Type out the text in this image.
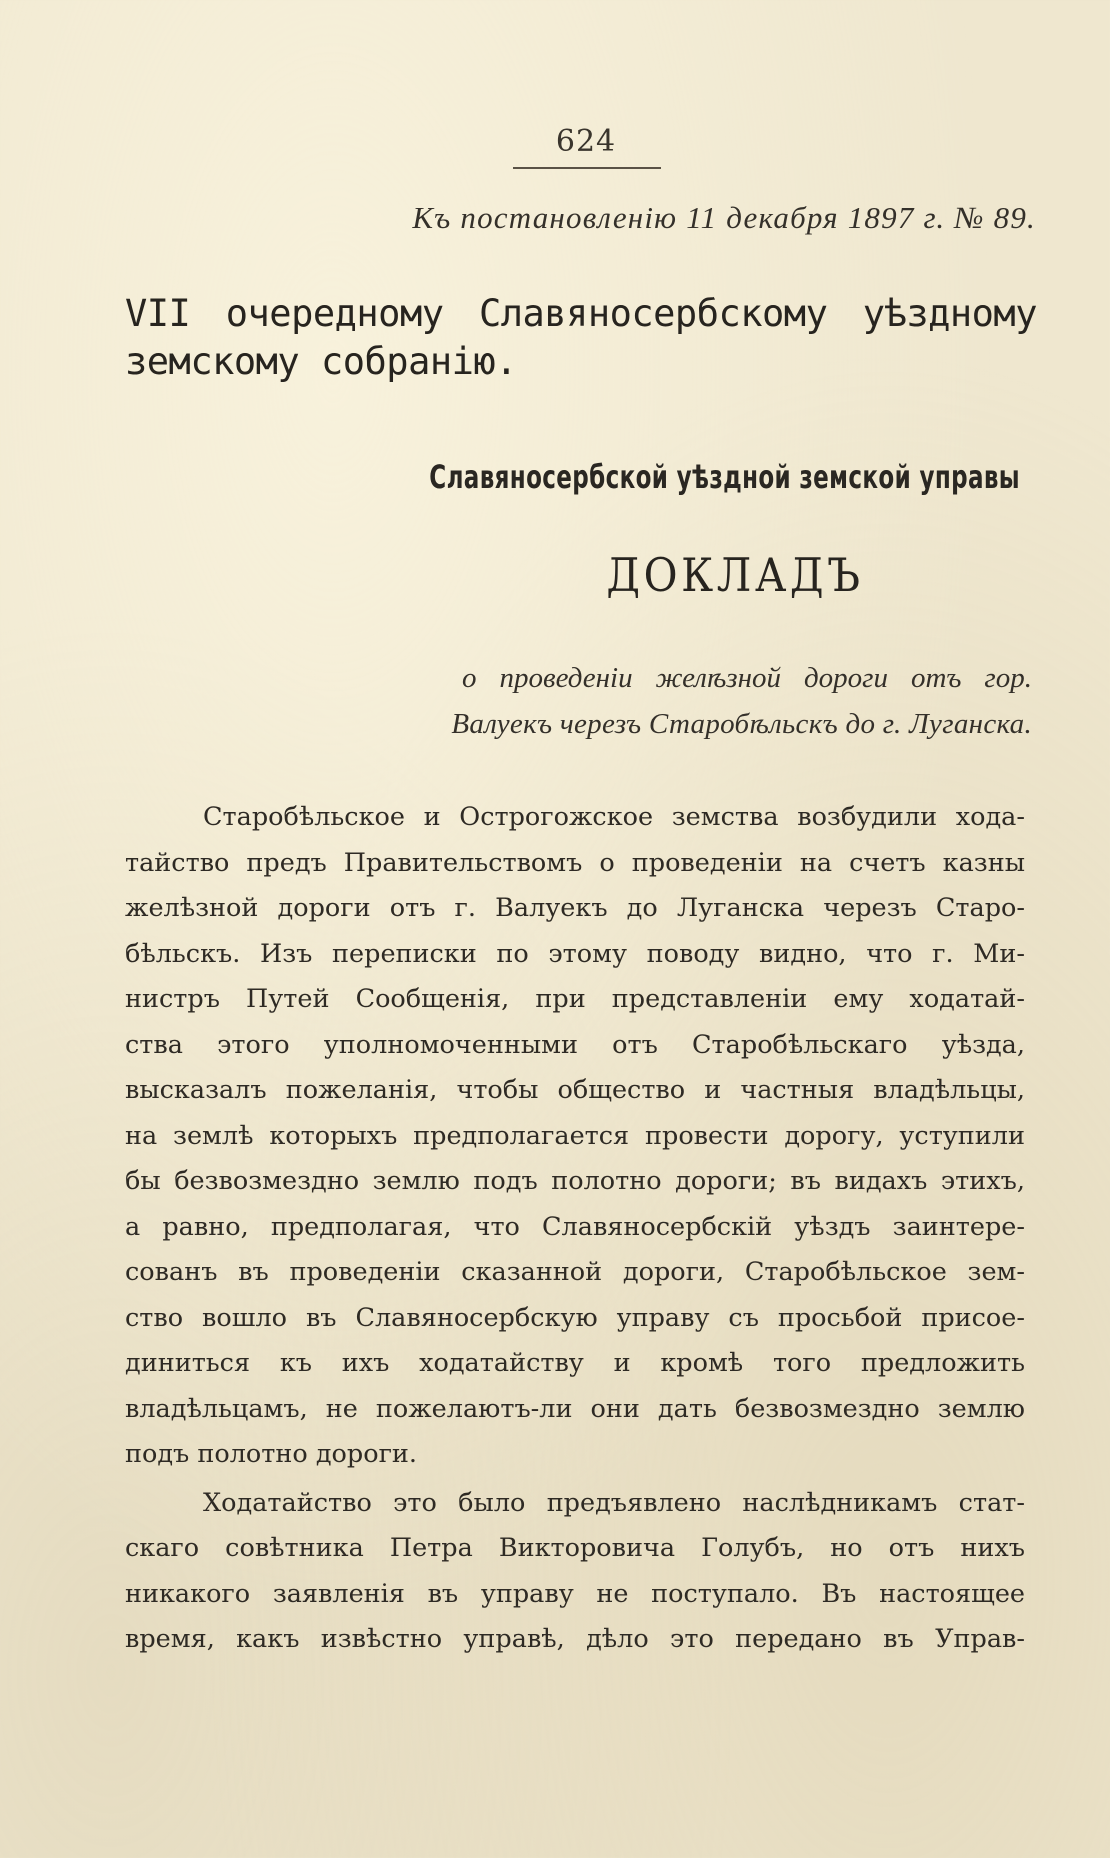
624
Къ постановленію 11 декабря 1897 г. № 89.
VII очередному Славяносербскому уѣздному
земскому собранію.
Славяносербской уѣздной земской управы
ДОКЛАДЪ
о проведеніи желѣзной дороги отъ гор.
Валуекъ черезъ Старобѣльскъ до г. Луганска.
Старобѣльское и Острогожское земства возбудили хода-
тайство предъ Правительствомъ о проведеніи на счетъ казны
желѣзной дороги отъ г. Валуекъ до Луганска черезъ Старо-
бѣльскъ. Изъ переписки по этому поводу видно, что г. Ми-
нистръ Путей Сообщенія, при представленіи ему ходатай-
ства этого уполномоченными отъ Старобѣльскаго уѣзда,
высказалъ пожеланія, чтобы общество и частныя владѣльцы,
на землѣ которыхъ предполагается провести дорогу, уступили
бы безвозмездно землю подъ полотно дороги; въ видахъ этихъ,
а равно, предполагая, что Славяносербскій уѣздъ заинтере-
сованъ въ проведеніи сказанной дороги, Старобѣльское зем-
ство вошло въ Славяносербскую управу съ просьбой присое-
диниться къ ихъ ходатайству и кромѣ того предложить
владѣльцамъ, не пожелаютъ-ли они дать безвозмездно землю
подъ полотно дороги.
Ходатайство это было предъявлено наслѣдникамъ стат-
скаго совѣтника Петра Викторовича Голубъ, но отъ нихъ
никакого заявленія въ управу не поступало. Въ настоящее
время, какъ извѣстно управѣ, дѣло это передано въ Управ-
